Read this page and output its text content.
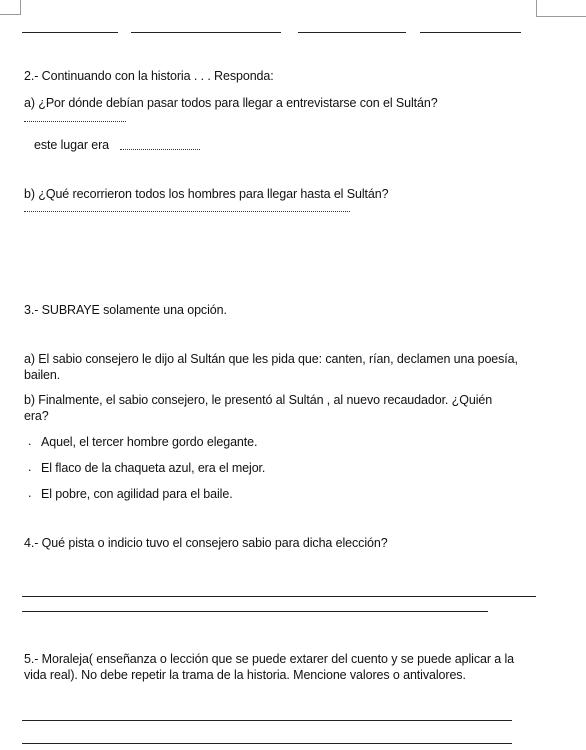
2.- Continuando con la historia . . . Responda:
a) ¿Por dónde debían pasar todos para llegar a entrevistarse con el Sultán?
este lugar era
b) ¿Qué recorrieron todos los hombres para llegar hasta el Sultán?
3.- SUBRAYE solamente una opción.
a) El sabio consejero le dijo al Sultán que les pida que: canten, rían, declamen una poesía, bailen.
b) Finalmente, el sabio consejero, le presentó al Sultán , al nuevo recaudador. ¿Quién era?
. Aquel, el tercer hombre gordo elegante.
. El flaco de la chaqueta azul, era el mejor.
. El pobre, con agilidad para el baile.
4.- Qué pista o indicio tuvo el consejero sabio para dicha elección?
5.- Moraleja( enseñanza o lección que se puede extarer del cuento y se puede aplicar a la vida real). No debe repetir la trama de la historia. Mencione valores o antivalores.
